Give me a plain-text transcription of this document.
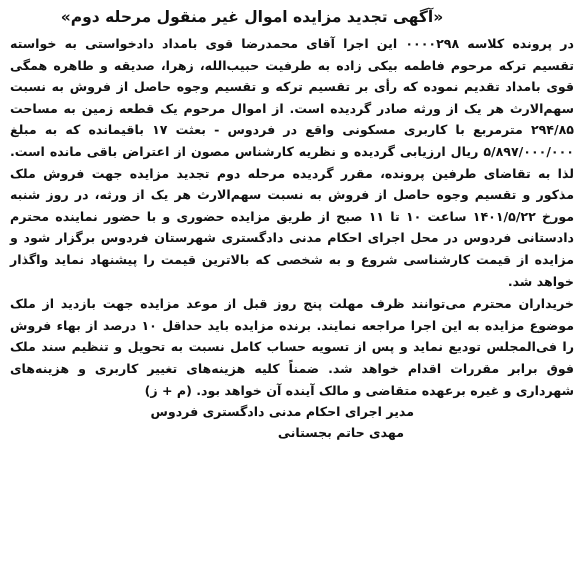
«آگهی تجدید مزایده اموال غیر منقول مرحله دوم»

در پرونده کلاسه ۰۰۰۰۲۹۸ این اجرا آقای محمدرضا قوی بامداد دادخواستی به خواسته تقسیم ترکه مرحوم فاطمه بیکی زاده به طرفیت حبیب‌الله، زهرا، صدیقه و طاهره همگی قوی بامداد تقدیم نموده که رأی بر تقسیم ترکه و تقسیم وجوه حاصل از فروش به نسبت سهم‌الارث هر یک از ورثه صادر گردیده است. از اموال مرحوم یک قطعه زمین به مساحت ۲۹۴/۸۵ مترمربع با کاربری مسکونی واقع در فردوس - بعثت ۱۷ باقیمانده که به مبلغ ۵/۸۹۷/۰۰۰/۰۰۰ ریال ارزیابی گردیده و نظریه کارشناس مصون از اعتراض باقی مانده است. لذا به تقاضای طرفین پرونده، مقرر گردیده مرحله دوم تجدید مزایده جهت فروش ملک مذکور و تقسیم وجوه حاصل از فروش به نسبت سهم‌الارث هر یک از ورثه، در روز شنبه مورخ ۱۴۰۱/۵/۲۲ ساعت ۱۰ تا ۱۱ صبح از طریق مزایده حضوری و با حضور نماینده محترم دادستانی فردوس در محل اجرای احکام مدنی دادگستری شهرستان فردوس برگزار شود و مزایده از قیمت کارشناسی شروع و به شخصی که بالاترین قیمت را پیشنهاد نماید واگذار خواهد شد.

خریداران محترم می‌توانند ظرف مهلت پنج روز قبل از موعد مزایده جهت بازدید از ملک موضوع مزایده به این اجرا مراجعه نمایند. برنده مزایده باید حداقل ۱۰ درصد از بهاء فروش را فی‌المجلس تودیع نماید و پس از تسویه حساب کامل نسبت به تحویل و تنظیم سند ملک فوق برابر مقررات اقدام خواهد شد. ضمناً کلیه هزینه‌های تغییر کاربری و هزینه‌های شهرداری و غیره برعهده متقاضی و مالک آینده آن خواهد بود. (م ‌+ ز)

مدیر اجرای احکام مدنی دادگستری فردوس
مهدی حاتم بجستانی
